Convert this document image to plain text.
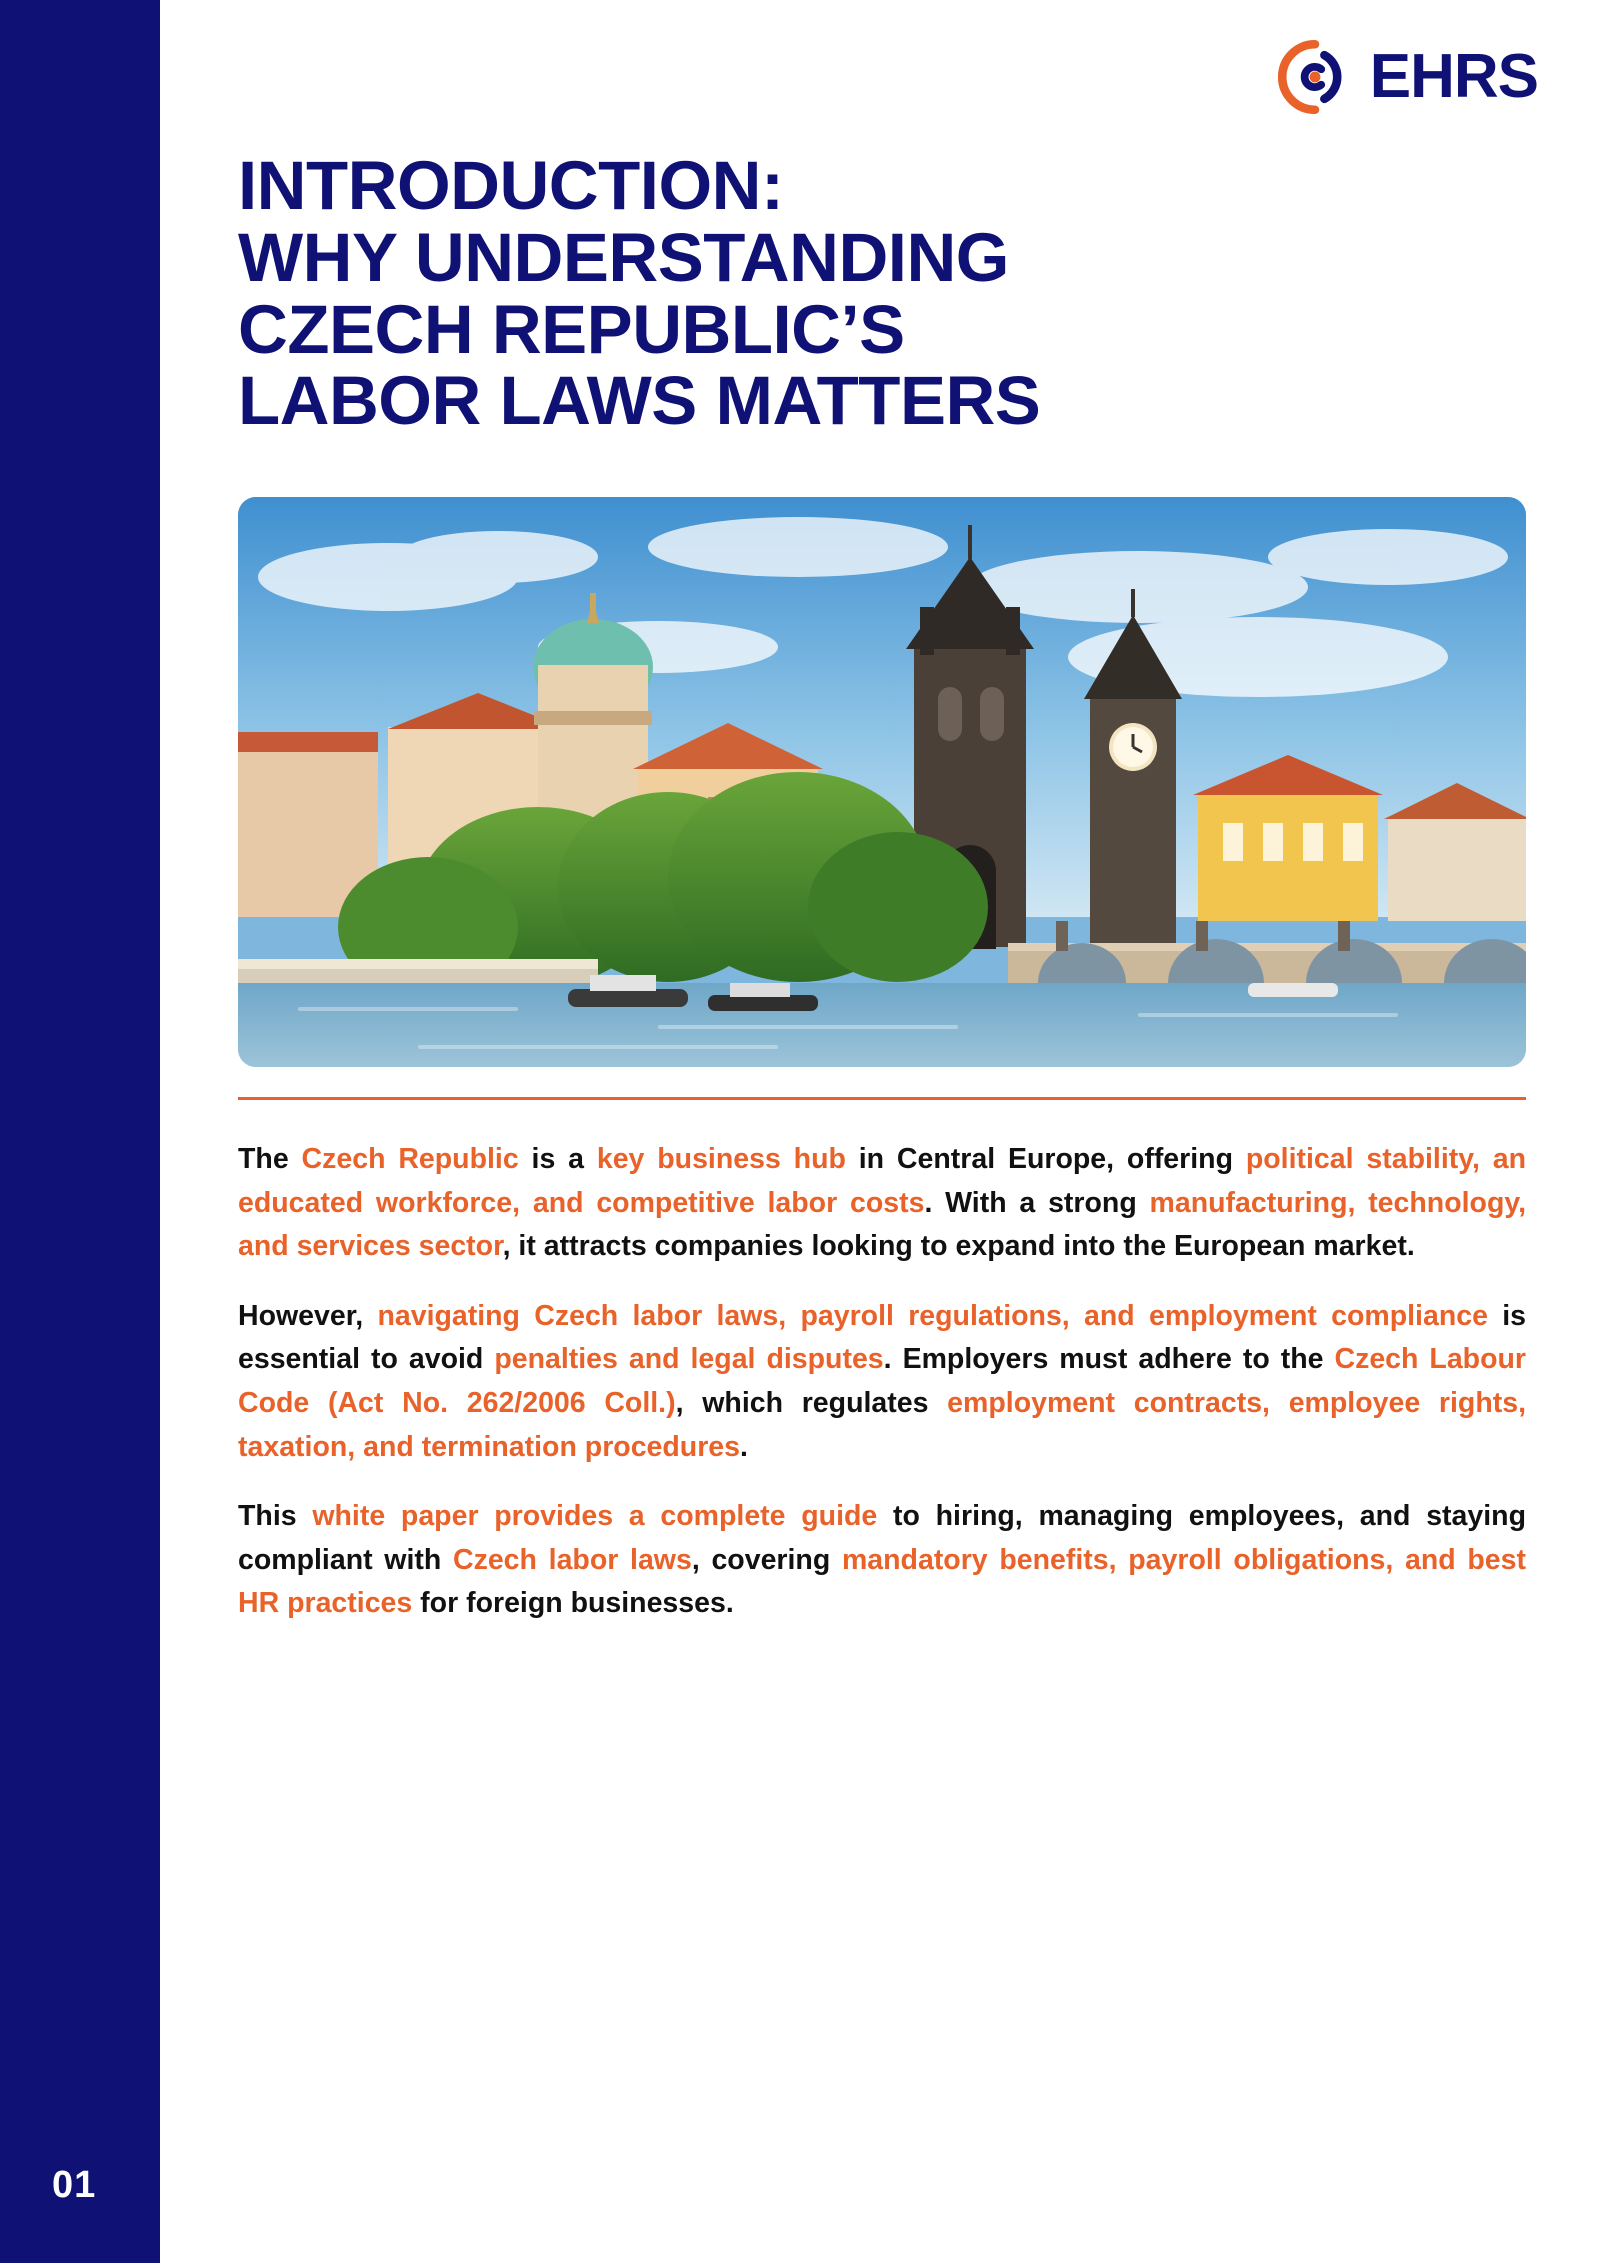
01
EHRS
INTRODUCTION:
WHY UNDERSTANDING
CZECH REPUBLIC’S
LABOR LAWS MATTERS

The Czech Republic is a key business hub in Central Europe, offering political stability, an educated workforce, and competitive labor costs. With a strong manufacturing, technology, and services sector, it attracts companies looking to expand into the European market.

However, navigating Czech labor laws, payroll regulations, and employment compliance is essential to avoid penalties and legal disputes. Employers must adhere to the Czech Labour Code (Act No. 262/2006 Coll.), which regulates employment contracts, employee rights, taxation, and termination procedures.

This white paper provides a complete guide to hiring, managing employees, and staying compliant with Czech labor laws, covering mandatory benefits, payroll obligations, and best HR practices for foreign businesses.
